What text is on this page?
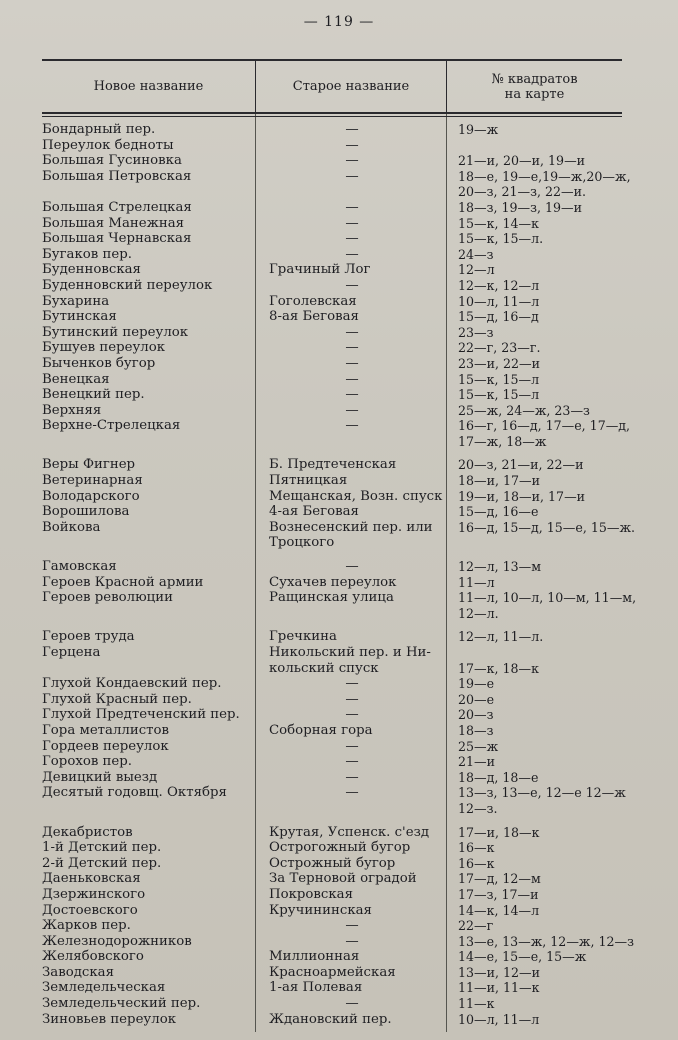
— 119 —
Новое название	Старое название	№ квадратов
на карте
Бондарный пер.	—	19—ж
Переулок бедноты	—
Большая Гусиновка	—	21—и, 20—и, 19—и
Большая Петровская	—	18—е, 19—е,19—ж,20—ж,
20—з, 21—з, 22—и.
Большая Стрелецкая	—	18—з, 19—з, 19—и
Большая Манежная	—	15—к, 14—к
Большая Чернавская	—	15—к, 15—л.
Бугаков пер.	—	24—з
Буденновская	Грачиный Лог	12—л
Буденновский переулок	—	12—к, 12—л
Бухарина	Гоголевская	10—л, 11—л
Бутинская	8-ая Беговая	15—д, 16—д
Бутинский переулок	—	23—з
Бушуев переулок	—	22—г, 23—г.
Быченков бугор	—	23—и, 22—и
Венецкая	—	15—к, 15—л
Венецкий пер.	—	15—к, 15—л
Верхняя	—	25—ж, 24—ж, 23—з
Верхне-Стрелецкая	—	16—г, 16—д, 17—е, 17—д,
17—ж, 18—ж
Веры Фигнер	Б. Предтеченская	20—з, 21—и, 22—и
Ветеринарная	Пятницкая	18—и, 17—и
Володарского	Мещанская, Возн. спуск	19—и, 18—и, 17—и
Ворошилова	4-ая Беговая	15—д, 16—е
Войкова	Вознесенский пер. или	16—д, 15—д, 15—е, 15—ж.
Троцкого
Гамовская	—	12—л, 13—м
Героев Красной армии	Сухачев переулок	11—л
Героев революции	Ращинская улица	11—л, 10—л, 10—м, 11—м,
12—л.
Героев труда	Гречкина	12—л, 11—л.
Герцена	Никольский пер. и Ни-
кольский спуск	17—к, 18—к
Глухой Кондаевский пер.	—	19—е
Глухой Красный пер.	—	20—е
Глухой Предтеченский пер.	—	20—з
Гора металлистов	Соборная гора	18—з
Гордеев переулок	—	25—ж
Горохов пер.	—	21—и
Девицкий выезд	—	18—д, 18—е
Десятый годовщ. Октября	—	13—з, 13—е, 12—е 12—ж
12—з.
Декабристов	Крутая, Успенск. с'езд	17—и, 18—к
1-й Детский пер.	Острогожный бугор	16—к
2-й Детский пер.	Острожный бугор	16—к
Даеньковская	За Терновой оградой	17—д, 12—м
Дзержинского	Покровская	17—з, 17—и
Достоевского	Кручининская	14—к, 14—л
Жарков пер.	—	22—г
Железнодорожников	—	13—е, 13—ж, 12—ж, 12—з
Желябовского	Миллионная	14—е, 15—е, 15—ж
Заводская	Красноармейская	13—и, 12—и
Земледельческая	1-ая Полевая	11—и, 11—к
Земледельческий пер.	—	11—к
Зиновьев переулок	Ждановский пер.	10—л, 11—л
